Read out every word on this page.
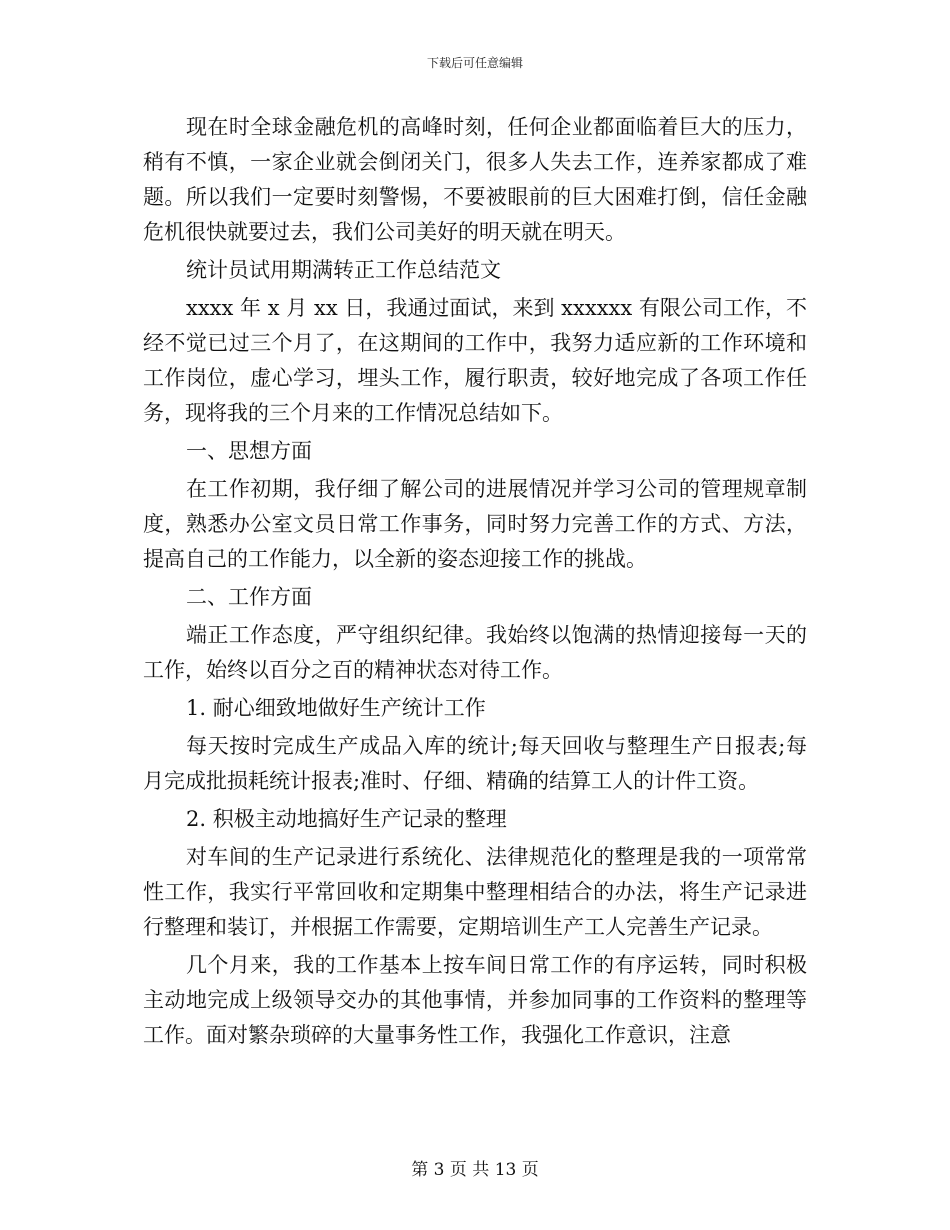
下载后可任意编辑

现在时全球金融危机的高峰时刻，任何企业都面临着巨大的压力，稍有不慎，一家企业就会倒闭关门，很多人失去工作，连养家都成了难题。所以我们一定要时刻警惕，不要被眼前的巨大困难打倒，信任金融危机很快就要过去，我们公司美好的明天就在明天。

统计员试用期满转正工作总结范文

xxxx 年 x 月 xx 日，我通过面试，来到 xxxxxx 有限公司工作，不经不觉已过三个月了，在这期间的工作中，我努力适应新的工作环境和工作岗位，虚心学习，埋头工作，履行职责，较好地完成了各项工作任务，现将我的三个月来的工作情况总结如下。

一、思想方面

在工作初期，我仔细了解公司的进展情况并学习公司的管理规章制度，熟悉办公室文员日常工作事务，同时努力完善工作的方式、方法，提高自己的工作能力，以全新的姿态迎接工作的挑战。

二、工作方面

端正工作态度，严守组织纪律。我始终以饱满的热情迎接每一天的工作，始终以百分之百的精神状态对待工作。

1. 耐心细致地做好生产统计工作

每天按时完成生产成品入库的统计;每天回收与整理生产日报表;每月完成批损耗统计报表;准时、仔细、精确的结算工人的计件工资。

2. 积极主动地搞好生产记录的整理

对车间的生产记录进行系统化、法律规范化的整理是我的一项常常性工作，我实行平常回收和定期集中整理相结合的办法，将生产记录进行整理和装订，并根据工作需要，定期培训生产工人完善生产记录。

几个月来，我的工作基本上按车间日常工作的有序运转，同时积极主动地完成上级领导交办的其他事情，并参加同事的工作资料的整理等工作。面对繁杂琐碎的大量事务性工作，我强化工作意识，注意

第 3 页 共 13 页
